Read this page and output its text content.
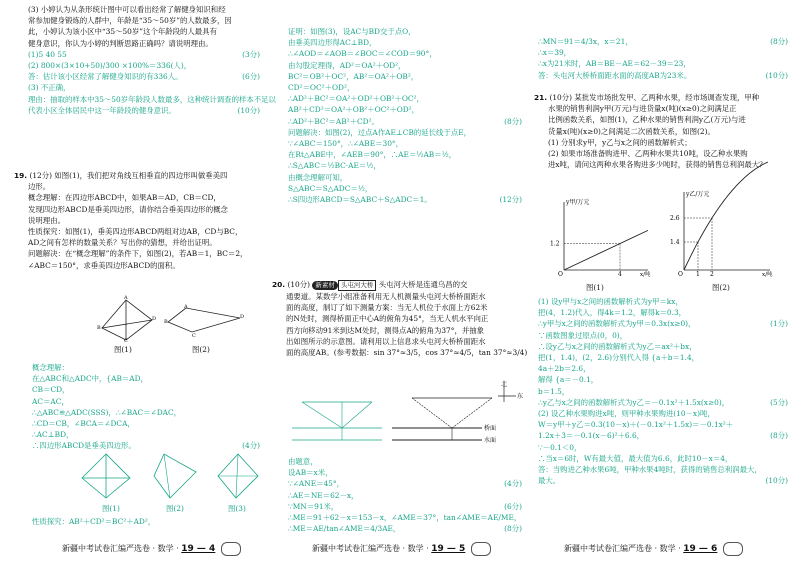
(3) 小婷认为从条形统计图中可以看出经常了解健身知识和经
常参加健身锻炼的人群中，年龄是“35～50岁”的人数最多，因
此，小婷认为该小区中“35～50岁”这个年龄段的人最具有
健身意识，你认为小婷的判断思路正确吗？请说明理由。
(1)5 40 55	(3分)
(2) 800×(3×10+50)/300 ×100%＝336(人)，
答：估计该小区经常了解健身知识的有336人。	(6分)
(3) 不正确，
理由：抽取的样本中35～50岁年龄段人数最多，这种统计调查的样本不足以
代表小区全体居民中这一年龄段的健身意识。	(10分)
19. (12分) 如图(1)，我们把对角线互相垂直的四边形叫做垂美四
边形。
概念理解：在四边形ABCD中，如果AB＝AD，CB＝CD，
发现四边形ABCD是垂美四边形，请你结合垂美四边形的概念
说明理由。
性质探究：如图(1)，垂美四边形ABCD两组对边AB，CD与BC，
AD之间有怎样的数量关系？写出你的猜想，并给出证明。
问题解决：在“概念理解”的条件下，如图(2)，若AB＝1，BC＝2，
∠ABC＝150°，求垂美四边形ABCD的面积。
A
B
C
D
A
B
C
D
图(1)	图(2)
概念理解：
在△ABC和△ADC中，{AB＝AD，
CB＝CD，
AC＝AC，
∴△ABC≌△ADC(SSS)，∴∠BAC＝∠DAC，
∴CD＝CB，∠BCA＝∠DCA，
∴AC⊥BD，
∴四边形ABCD是垂美四边形。	(4分)
图(1)	图(2)	图(3)
性质探究：AB²＋CD²＝BC²＋AD²，
新疆中考试卷汇编严选卷 · 数学 · 19 — 4
证明：如图(3)，设AC与BD交于点O，
由垂美四边形得AC⊥BD，
∴∠AOD＝∠AOB＝∠BOC＝∠COD＝90°，
由勾股定理得，AD²＝OA²＋OD²，
BC²＝OB²＋OC²，AB²＝OA²＋OB²，
CD²＝OC²＋OD²，
∴AD²＋BC²＝OA²＋OD²＋OB²＋OC²，
AB²＋CD²＝OA²＋OB²＋OC²＋OD²，
∴AD²＋BC²＝AB²＋CD²。	(8分)
问题解决：如图(2)，过点A作AE⊥CB的延长线于点E，
∵∠ABC＝150°，∴∠ABE＝30°，
在Rt△ABE中，∠AEB＝90°，∴AE＝½AB＝½，
∴S△ABC＝½BC·AE＝½，
由概念理解可知，
S△ABC＝S△ADC＝½，
∴S四边形ABCD＝S△ABC＋S△ADC＝1。	(12分)
20. (10分) 新素材 头屯河大桥 头屯河大桥是连通乌昌的交
通要道。某数学小组准备利用无人机测量头屯河大桥桥面距水
面的高度，制订了如下测量方案：当无人机位于水面上方62米
的N处时，测得桥面正中心A的俯角为45°，当无人机水平向正
西方向移动91米到达M处时，测得点A的俯角为37°，并抽象
出如图所示的示意图。请利用以上信息求头屯河大桥桥面距水
面的高度AB。(参考数据：sin 37°≈3/5，cos 37°≈4/5，tan 37°≈3/4)
北
东
桥面
水面
由题意，
设AB＝x米，
∵∠ANE＝45°，	(4分)
∴AE＝NE＝62－x，
∵MN＝91米，	(6分)
∴ME＝91＋62－x＝153－x，∠AME＝37°，tan∠AME＝AE/ME，
∴ME＝AE/tan∠AME＝4/3AE，	(8分)
新疆中考试卷汇编严选卷 · 数学 · 19 — 5
∴MN＝91＝4/3x，x＝21，	(8分)
∴x＝39，
∴x为21米时，AB＝BE－AE＝62－39＝23，
答：头屯河大桥桥面距水面的高度AB为23米。	(10分)
21. (10分) 某批发市场批发甲、乙两种水果，经市场调查发现，甲种
水果的销售利润y甲(万元)与进货量x(吨)(x≥0)之间满足正
比例函数关系，如图(1)，乙种水果的销售利润y乙(万元)与进
货量x(吨)(x≥0)之间满足二次函数关系，如图(2)。
(1) 分别求y甲，y乙与x之间的函数解析式；
(2) 如果市场准备购进甲、乙两种水果共10吨，设乙种水果购
进x吨，请问这两种水果各购进多少吨时，获得的销售总利润最大？
y甲/万元
x/吨
O
1.2
4
y乙/万元
x/吨
O
2.6
1.4
1 2
图(1)	图(2)
(1) 设y甲与x之间的函数解析式为y甲＝kx，
把(4，1.2)代入，得4k＝1.2，解得k＝0.3，
∴y甲与x之间的函数解析式为y甲＝0.3x(x≥0)，	(1分)
∵函数图象过原点(0，0)，
∴设y乙与x之间的函数解析式为y乙＝ax²＋bx，
把(1，1.4)，(2，2.6)分别代入得 {a＋b＝1.4，
4a＋2b＝2.6，
解得 {a＝－0.1，
b＝1.5，
∴y乙与x之间的函数解析式为y乙＝－0.1x²＋1.5x(x≥0)，	(5分)
(2) 设乙种水果购进x吨，则甲种水果购进(10－x)吨，
W＝y甲＋y乙＝0.3(10－x)＋(－0.1x²＋1.5x)＝－0.1x²＋
1.2x＋3＝－0.1(x－6)²＋6.6，	(8分)
∵－0.1＜0，
∴当x＝6时，W有最大值，最大值为6.6，此时10－x＝4，
答：当购进乙种水果6吨，甲种水果4吨时，获得的销售总利润最大，
最大。	(10分)
新疆中考试卷汇编严选卷 · 数学 · 19 — 6
